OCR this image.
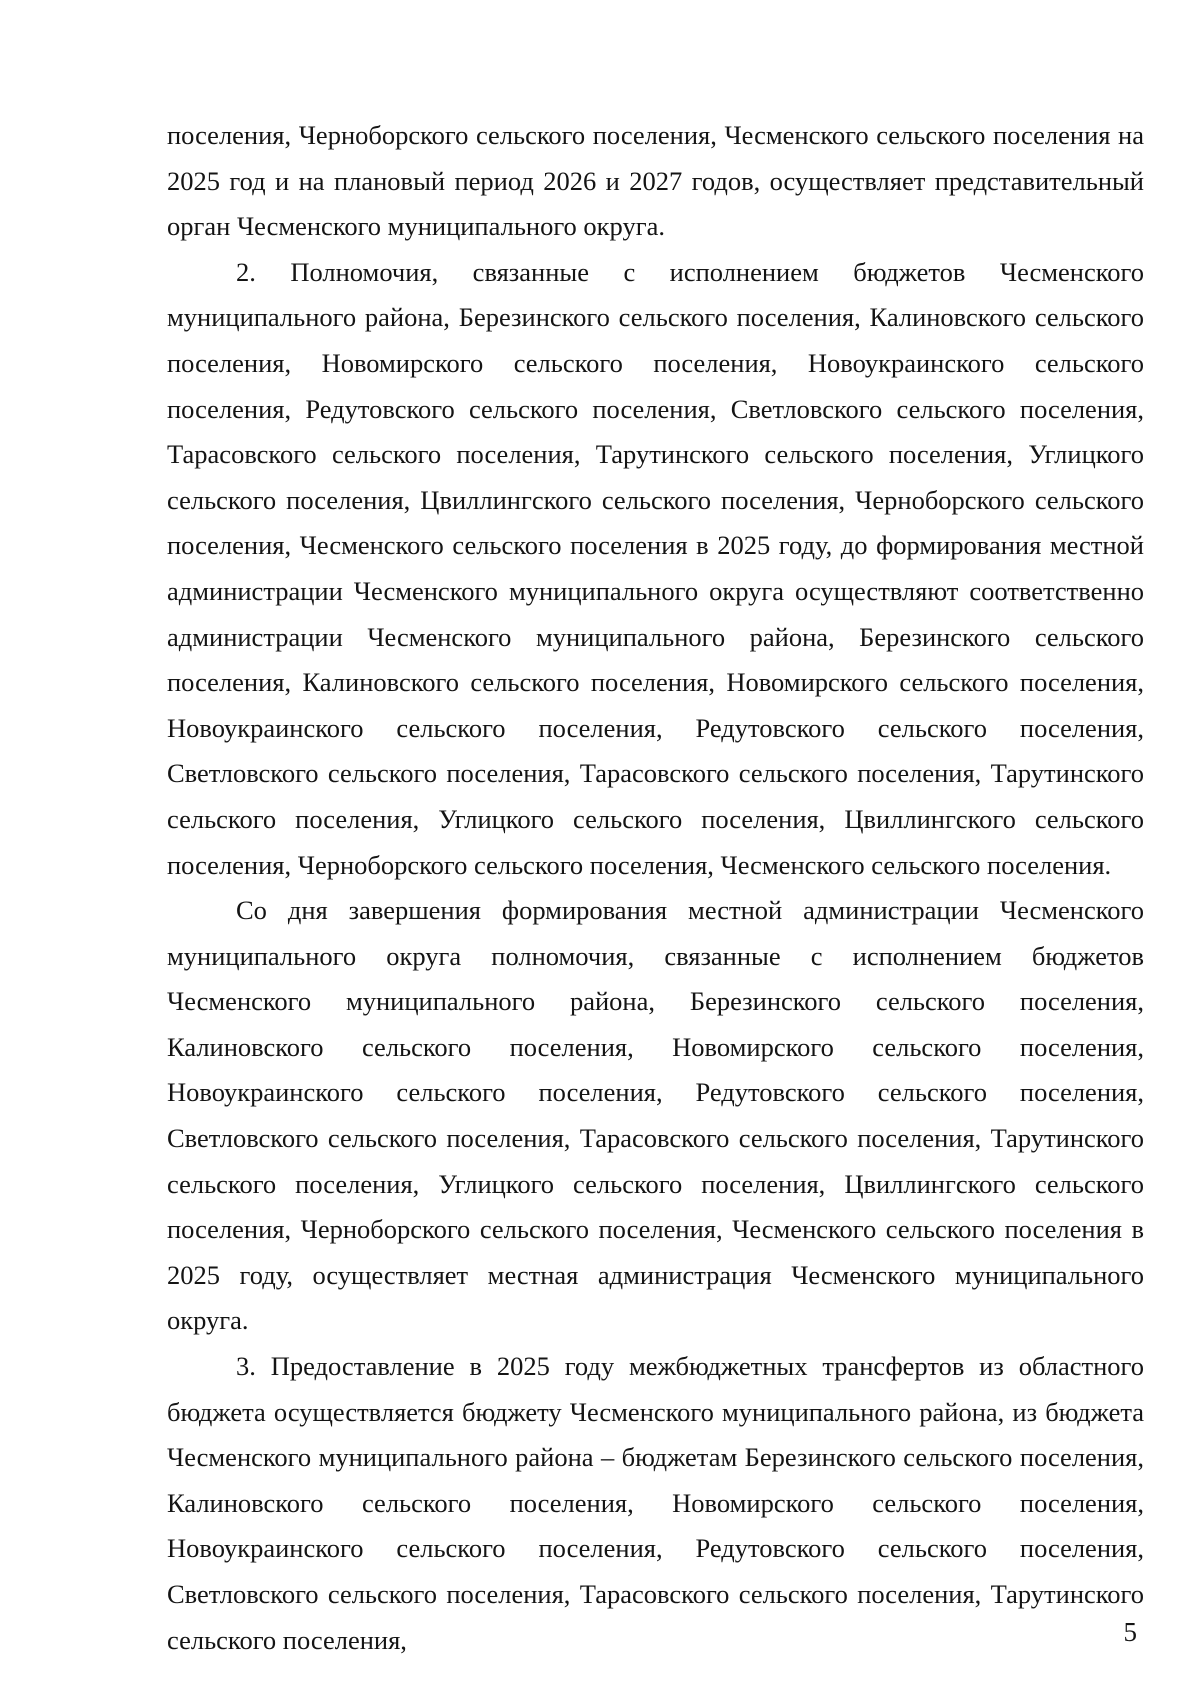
поселения, Черноборского сельского поселения, Чесменского сельского поселения на 2025 год и на плановый период 2026 и 2027 годов, осуществляет представительный орган Чесменского муниципального округа.

2. Полномочия, связанные с исполнением бюджетов Чесменского муниципального района, Березинского сельского поселения, Калиновского сельского поселения, Новомирского сельского поселения, Новоукраинского сельского поселения, Редутовского сельского поселения, Светловского сельского поселения, Тарасовского сельского поселения, Тарутинского сельского поселения, Углицкого сельского поселения, Цвиллингского сельского поселения, Черноборского сельского поселения, Чесменского сельского поселения в 2025 году, до формирования местной администрации Чесменского муниципального округа осуществляют соответственно администрации Чесменского муниципального района, Березинского сельского поселения, Калиновского сельского поселения, Новомирского сельского поселения, Новоукраинского сельского поселения, Редутовского сельского поселения, Светловского сельского поселения, Тарасовского сельского поселения, Тарутинского сельского поселения, Углицкого сельского поселения, Цвиллингского сельского поселения, Черноборского сельского поселения, Чесменского сельского поселения.

Со дня завершения формирования местной администрации Чесменского муниципального округа полномочия, связанные с исполнением бюджетов Чесменского муниципального района, Березинского сельского поселения, Калиновского сельского поселения, Новомирского сельского поселения, Новоукраинского сельского поселения, Редутовского сельского поселения, Светловского сельского поселения, Тарасовского сельского поселения, Тарутинского сельского поселения, Углицкого сельского поселения, Цвиллингского сельского поселения, Черноборского сельского поселения, Чесменского сельского поселения в 2025 году, осуществляет местная администрация Чесменского муниципального округа.

3. Предоставление в 2025 году межбюджетных трансфертов из областного бюджета осуществляется бюджету Чесменского муниципального района, из бюджета Чесменского муниципального района – бюджетам Березинского сельского поселения, Калиновского сельского поселения, Новомирского сельского поселения, Новоукраинского сельского поселения, Редутовского сельского поселения, Светловского сельского поселения, Тарасовского сельского поселения, Тарутинского сельского поселения,	5
